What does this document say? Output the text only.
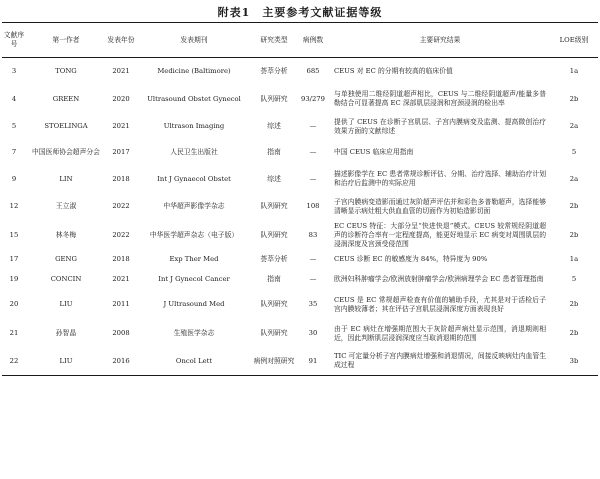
附表1　主要参考文献证据等级
文献序号	第一作者	发表年份	发表期刊	研究类型	病例数	主要研究结果	LOE级别
3	TONG	2021	Medicine (Baltimore)	荟萃分析	685	CEUS 对 EC 的分期有较高的临床价值	1a
4	GREEN	2020	Ultrasound Obstet Gynecol	队列研究	93/279	与单独使用二维经阴道超声相比，CEUS 与二维经阴道超声/能量多普勒结合可显著提高 EC 深部肌层浸润和宫颈浸润的检出率	2b
5	STOELINGA	2021	Ultrason Imaging	综述	—	提供了 CEUS 在诊断子宫肌层、子宫内膜病变及监测、提高微创治疗效果方面的文献综述	2a
7	中国医师协会超声分会	2017	人民卫生出版社	指南	—	中国 CEUS 临床应用指南	5
9	LIN	2018	Int J Gynaecol Obstet	综述	—	描述影像学在 EC 患者常规诊断评估、分期、治疗选择、辅助治疗计划和治疗后监测中的实际应用	2a
12	王立淑	2022	中华超声影像学杂志	队列研究	108	子宫内膜病变造影而通过灰阶超声评估并和彩色多普勒超声，选择能够清晰显示病灶粗大供血血管的切面作为初始造影切面	2b
15	林冬梅	2022	中华医学超声杂志（电子版）	队列研究	83	EC CEUS 特征：大部分呈“快进快退”模式。CEUS 较常规经阴道超声的诊断符合率有一定程度提高，能更好地显示 EC 病变对周围肌层的浸润深度及宫颈受侵范围	2b
17	GENG	2018	Exp Ther Med	荟萃分析	—	CEUS 诊断 EC 的敏感度为 84%，特异度为 90%	1a
19	CONCIN	2021	Int J Gynecol Cancer	指南	—	欧洲妇科肿瘤学会/欧洲放射肿瘤学会/欧洲病理学会 EC 患者管理指南	5
20	LIU	2011	J Ultrasound Med	队列研究	35	CEUS 是 EC 常规超声检查有价值的辅助手段，尤其是对于活检后子宫内膜较薄者；其在评估子宫肌层浸润深度方面表现良好	2b
21	孙智晶	2008	生殖医学杂志	队列研究	30	由于 EC 病灶在增强期范围大于灰阶超声病灶显示范围，消退期则相近，因此判断肌层浸润深度应当取消退期的范围	2b
22	LIU	2016	Oncol Lett	病例对照研究	91	TIC 可定量分析子宫内膜病灶增强和消退情况，间接反映病灶内血管生成过程	3b
